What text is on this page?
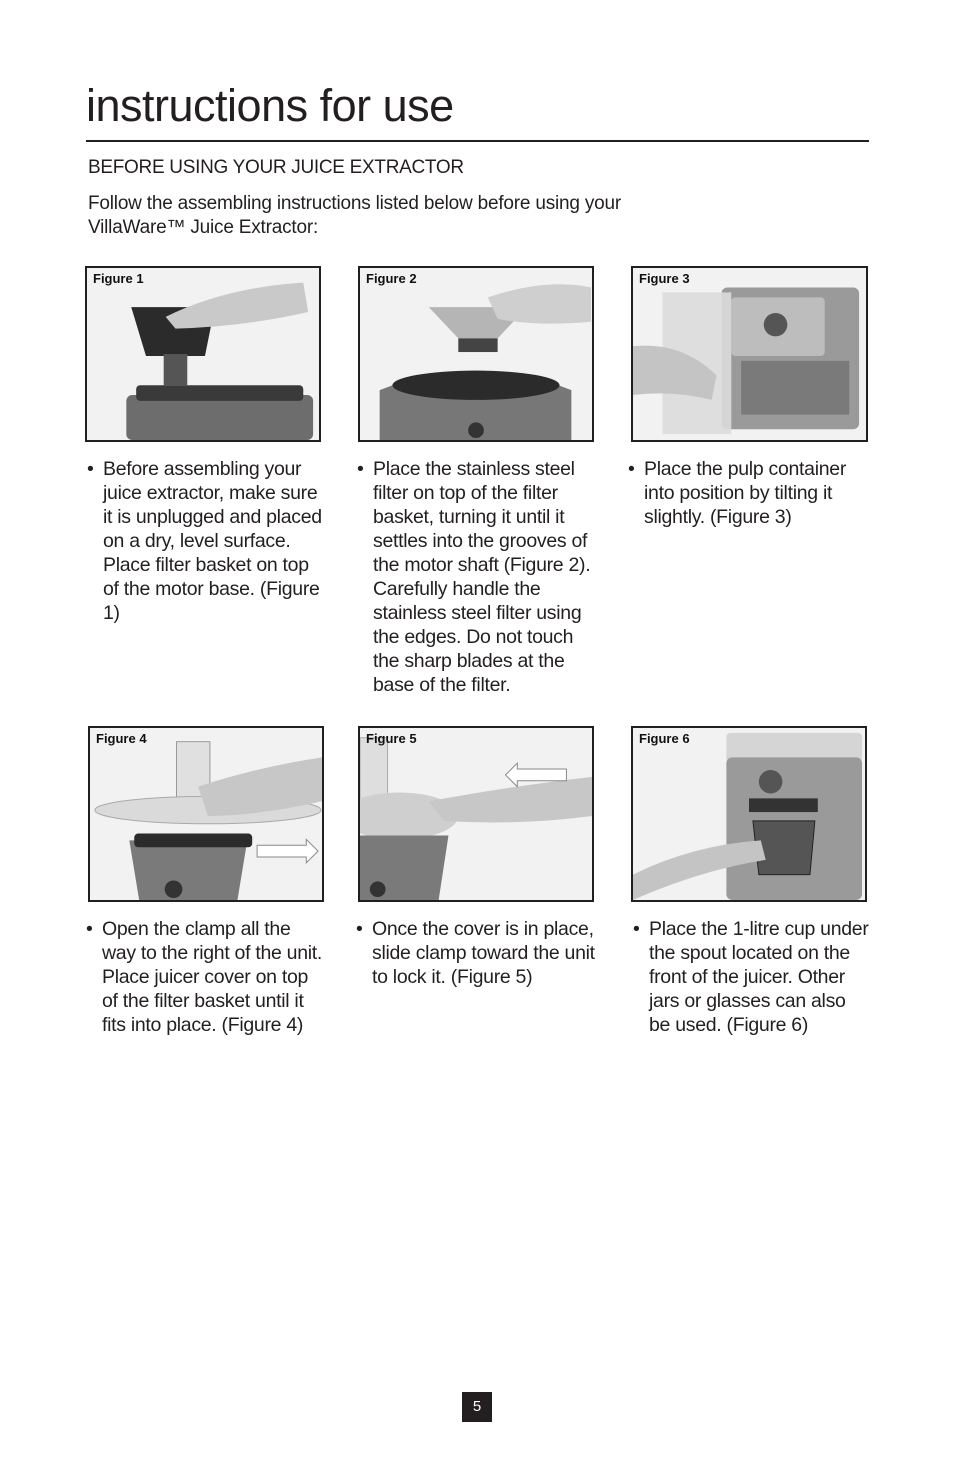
instructions for use
BEFORE USING YOUR JUICE EXTRACTOR

Follow the assembling instructions listed below before using your VillaWare™ Juice Extractor:

Figure 1	Figure 2	Figure 3
Figure 4	Figure 5	Figure 6

• Before assembling your juice extractor, make sure it is unplugged and placed on a dry, level surface. Place filter basket on top of the motor base. (Figure 1)

• Place the stainless steel filter on top of the filter basket, turning it until it settles into the grooves of the motor shaft (Figure 2). Carefully handle the stainless steel filter using the edges. Do not touch the sharp blades at the base of the filter.

• Place the pulp container into position by tilting it slightly. (Figure 3)

• Open the clamp all the way to the right of the unit. Place juicer cover on top of the filter basket until it fits into place. (Figure 4)

• Once the cover is in place, slide clamp toward the unit to lock it. (Figure 5)

• Place the 1-litre cup under the spout located on the front of the juicer. Other jars or glasses can also be used. (Figure 6)

5
